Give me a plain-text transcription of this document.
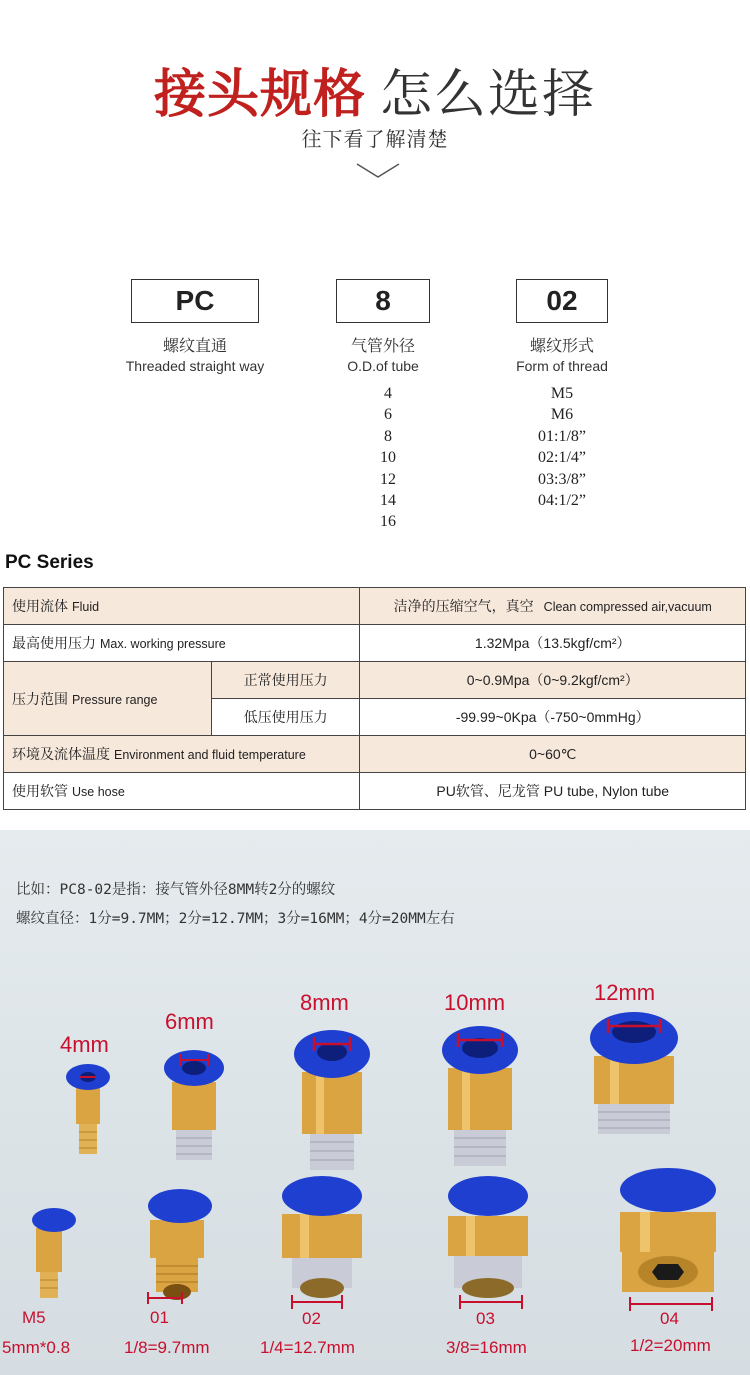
接头规格 怎么选择
往下看了解清楚
PC	8	02
螺纹直通
Threaded straight way
气管外径
O.D.of tube
螺纹形式
Form of thread
4
6
8
10
12
14
16
M5
M6
01:1/8”
02:1/4”
03:3/8”
04:1/2”
PC Series
使用流体 Fluid		洁净的压缩空气，真空 Clean compressed air,vacuum
最高使用压力 Max. working pressure		1.32Mpa（13.5kgf/cm²）
压力范围 Pressure range	正常使用压力	0~0.9Mpa（0~9.2kgf/cm²）
	低压使用压力	-99.99~0Kpa（-750~0mmHg）
环境及流体温度 Environment and fluid temperature		0~60℃
使用软管 Use hose		PU软管、尼龙管 PU tube, Nylon tube
比如：PC8-02是指：接气管外径8MM转2分的螺纹
螺纹直径：1分=9.7MM；2分=12.7MM；3分=16MM；4分=20MM左右
4mm
6mm
8mm	10mm	12mm
M5	01	02	03	04
5mm*0.8	1/8=9.7mm	1/4=12.7mm	3/8=16mm	1/2=20mm
